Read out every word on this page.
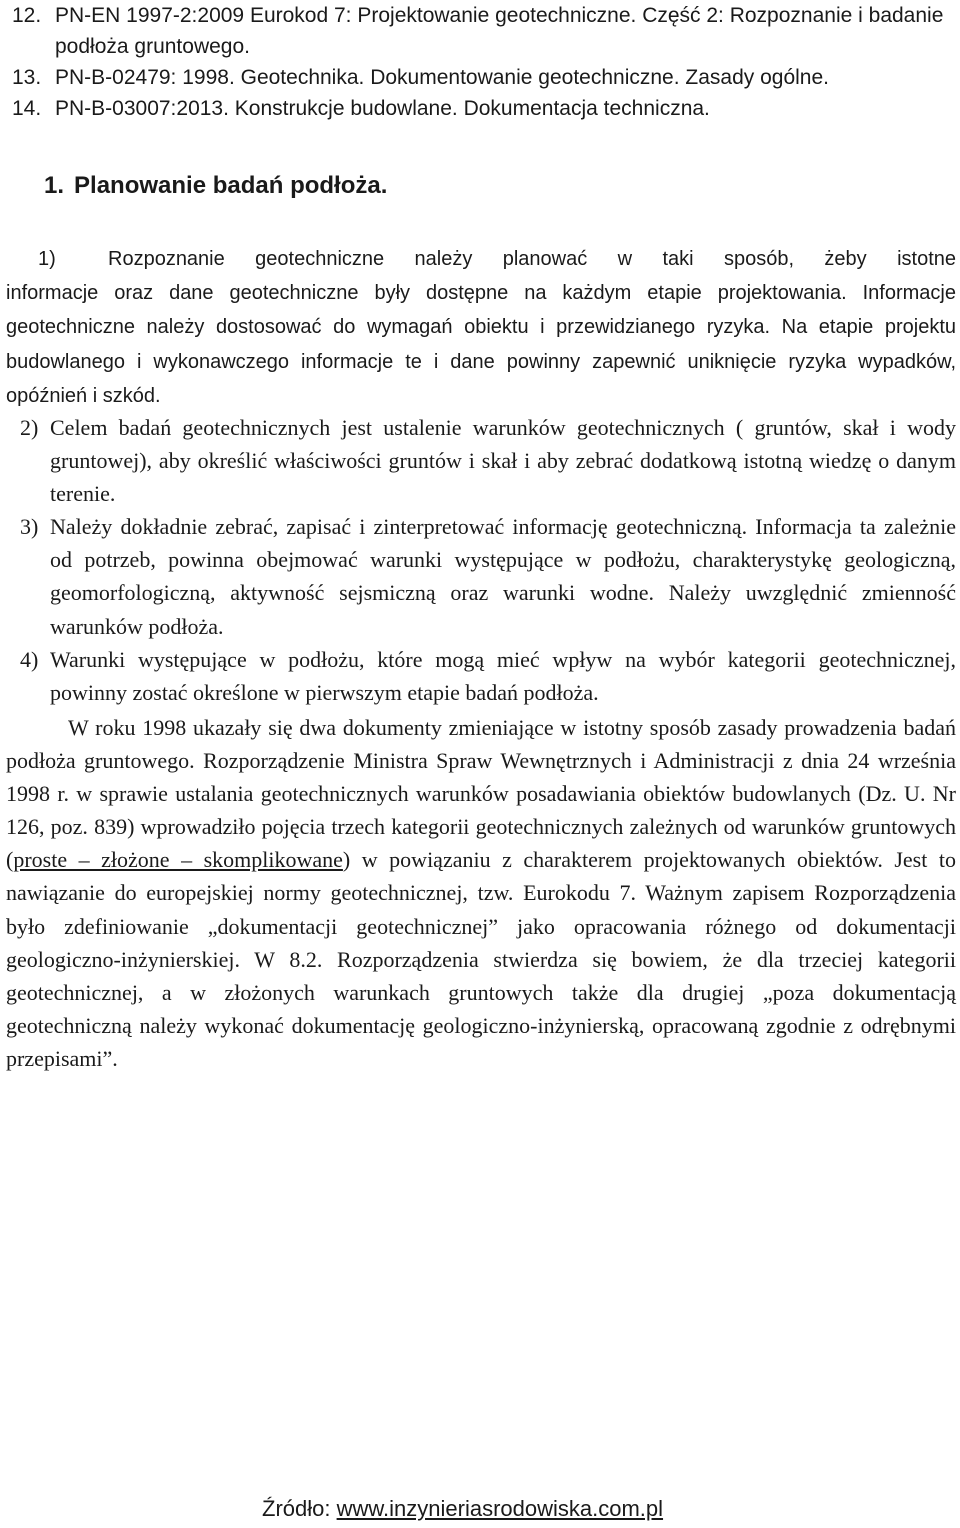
12. PN-EN 1997-2:2009 Eurokod 7: Projektowanie geotechniczne. Część 2: Rozpoznanie i badanie podłoża gruntowego.

13. PN-B-02479: 1998. Geotechnika. Dokumentowanie geotechniczne. Zasady ogólne.

14. PN-B-03007:2013. Konstrukcje budowlane. Dokumentacja techniczna.

1. Planowanie badań podłoża.
1)	Rozpoznanie geotechniczne należy planować w taki sposób, żeby istotne
informacje oraz dane geotechniczne były dostępne na każdym etapie projektowania. Informacje geotechniczne należy dostosować do wymagań obiektu i przewidzianego ryzyka. Na etapie projektu budowlanego i wykonawczego informacje te i dane powinny zapewnić uniknięcie ryzyka wypadków, opóźnień i szkód.

2) Celem badań geotechnicznych jest ustalenie warunków geotechnicznych ( gruntów, skał i wody gruntowej), aby określić właściwości gruntów i skał i aby zebrać dodatkową istotną wiedzę o danym terenie.

3) Należy dokładnie zebrać, zapisać i zinterpretować informację geotechniczną. Informacja ta zależnie od potrzeb, powinna obejmować warunki występujące w podłożu, charakterystykę geologiczną, geomorfologiczną, aktywność sejsmiczną oraz warunki wodne. Należy uwzględnić zmienność warunków podłoża.

4) Warunki występujące w podłożu, które mogą mieć wpływ na wybór kategorii geotechnicznej, powinny zostać określone w pierwszym etapie badań podłoża.

W roku 1998 ukazały się dwa dokumenty zmieniające w istotny sposób zasady prowadzenia badań podłoża gruntowego. Rozporządzenie Ministra Spraw Wewnętrznych i Administracji z dnia 24 września 1998 r. w sprawie ustalania geotechnicznych warunków posadawiania obiektów budowlanych (Dz. U. Nr 126, poz. 839) wprowadziło pojęcia trzech kategorii geotechnicznych zależnych od warunków gruntowych (proste – złożone – skomplikowane) w powiązaniu z charakterem projektowanych obiektów. Jest to nawiązanie do europejskiej normy geotechnicznej, tzw. Eurokodu 7. Ważnym zapisem Rozporządzenia było zdefiniowanie „dokumentacji geotechnicznej” jako opracowania różnego od dokumentacji geologiczno-inżynierskiej. W 8.2. Rozporządzenia stwierdza się bowiem, że dla trzeciej kategorii geotechnicznej, a w złożonych warunkach gruntowych także dla drugiej „poza dokumentacją geotechniczną należy wykonać dokumentację geologiczno-inżynierską, opracowaną zgodnie z odrębnymi przepisami”.

Źródło: www.inzynieriasrodowiska.com.pl
